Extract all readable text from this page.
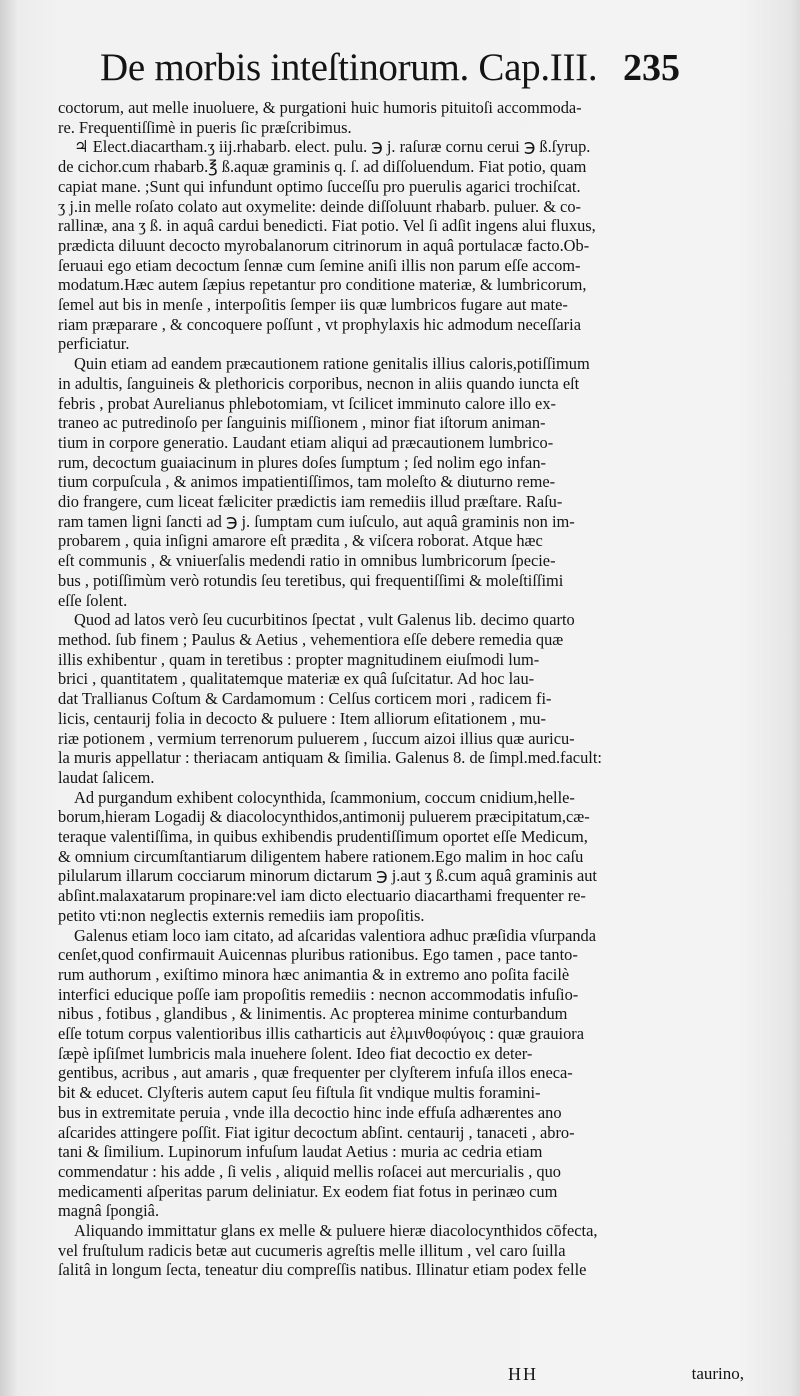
De morbis inteſtinorum. Cap.III. 235

coctorum, aut melle inuoluere, & purgationi huic humoris pituitoſi accommoda-
re. Frequentiſſimè in pueris ſic præſcribimus.

♃ Elect.diacartham.ʒ iij.rhabarb. elect. pulu. ℈ j. raſuræ cornu cerui ℈ ß.ſyrup.
de cichor.cum rhabarb.℥ ß.aquæ graminis q. ſ. ad diſſoluendum. Fiat potio, quam
capiat mane. ;Sunt qui infundunt optimo ſucceſſu pro puerulis agarici trochiſcat.
ʒ j.in melle roſato colato aut oxymelite: deinde diſſoluunt rhabarb. puluer. & co-
rallinæ, ana ʒ ß. in aquâ cardui benedicti. Fiat potio. Vel ſi adſit ingens alui fluxus,
prædicta diluunt decocto myrobalanorum citrinorum in aquâ portulacæ facto.Ob-
ſeruaui ego etiam decoctum ſennæ cum ſemine aniſi illis non parum eſſe accom-
modatum.Hæc autem ſæpius repetantur pro conditione materiæ, & lumbricorum,
ſemel aut bis in menſe , interpoſitis ſemper iis quæ lumbricos fugare aut mate-
riam præparare , & concoquere poſſunt , vt prophylaxis hic admodum neceſſaria
perficiatur.

Quin etiam ad eandem præcautionem ratione genitalis illius caloris,potiſſimum
in adultis, ſanguineis & plethoricis corporibus, necnon in aliis quando iuncta eſt
febris , probat Aurelianus phlebotomiam, vt ſcilicet imminuto calore illo ex-
traneo ac putredinoſo per ſanguinis miſſionem , minor fiat iſtorum animan-
tium in corpore generatio. Laudant etiam aliqui ad præcautionem lumbrico-
rum, decoctum guaiacinum in plures doſes ſumptum ; ſed nolim ego infan-
tium corpuſcula , & animos impatientiſſimos, tam moleſto & diuturno reme-
dio frangere, cum liceat fæliciter prædictis iam remediis illud præſtare. Raſu-
ram tamen ligni ſancti ad ℈ j. ſumptam cum iuſculo, aut aquâ graminis non im-
probarem , quia inſigni amarore eſt prædita , & viſcera roborat. Atque hæc
eſt communis , & vniuerſalis medendi ratio in omnibus lumbricorum ſpecie-
bus , potiſſimùm verò rotundis ſeu teretibus, qui frequentiſſimi & moleſtiſſimi
eſſe ſolent.

Quod ad latos verò ſeu cucurbitinos ſpectat , vult Galenus lib. decimo quarto
method. ſub finem ; Paulus & Aetius , vehementiora eſſe debere remedia quæ
illis exhibentur , quam in teretibus : propter magnitudinem eiuſmodi lum-
brici , quantitatem , qualitatemque materiæ ex quâ ſuſcitatur. Ad hoc lau-
dat Trallianus Coſtum & Cardamomum : Celſus corticem mori , radicem fi-
licis, centaurij folia in decocto & puluere : Item alliorum eſitationem , mu-
riæ potionem , vermium terrenorum puluerem , ſuccum aizoi illius quæ auricu-
la muris appellatur : theriacam antiquam & ſimilia. Galenus 8. de ſimpl.med.facult:
laudat ſalicem.

Ad purgandum exhibent colocynthida, ſcammonium, coccum cnidium,helle-
borum,hieram Logadij & diacolocynthidos,antimonij puluerem præcipitatum,cæ-
teraque valentiſſima, in quibus exhibendis prudentiſſimum oportet eſſe Medicum,
& omnium circumſtantiarum diligentem habere rationem.Ego malim in hoc caſu
pilularum illarum cocciarum minorum dictarum ℈ j.aut ʒ ß.cum aquâ graminis aut
abſint.malaxatarum propinare:vel iam dicto electuario diacarthami frequenter re-
petito vti:non neglectis externis remediis iam propoſitis.

Galenus etiam loco iam citato, ad aſcaridas valentiora adhuc præſidia vſurpanda
cenſet,quod confirmauit Auicennas pluribus rationibus. Ego tamen , pace tanto-
rum authorum , exiſtimo minora hæc animantia & in extremo ano poſita facilè
interfici educique poſſe iam propoſitis remediis : necnon accommodatis infuſio-
nibus , fotibus , glandibus , & linimentis. Ac propterea minime conturbandum
eſſe totum corpus valentioribus illis catharticis aut ἑλμινθοφύγοις : quæ grauiora
ſæpè ipſiſmet lumbricis mala inuehere ſolent. Ideo fiat decoctio ex deter-
gentibus, acribus , aut amaris , quæ frequenter per clyſterem infuſa illos eneca-
bit & educet. Clyſteris autem caput ſeu fiſtula ſit vndique multis foramini-
bus in extremitate peruia , vnde illa decoctio hinc inde effuſa adhærentes ano
aſcarides attingere poſſit. Fiat igitur decoctum abſint. centaurij , tanaceti , abro-
tani & ſimilium. Lupinorum infuſum laudat Aetius : muria ac cedria etiam
commendatur : his adde , ſi velis , aliquid mellis roſacei aut mercurialis , quo
medicamenti aſperitas parum deliniatur. Ex eodem fiat fotus in perinæo cum
magnâ ſpongiâ.

Aliquando immittatur glans ex melle & puluere hieræ diacolocynthidos cōfecta,
vel fruſtulum radicis betæ aut cucumeris agreſtis melle illitum , vel caro ſuilla
ſalitâ in longum ſecta, teneatur diu compreſſis natibus. Illinatur etiam podex felle

HH	taurino,
